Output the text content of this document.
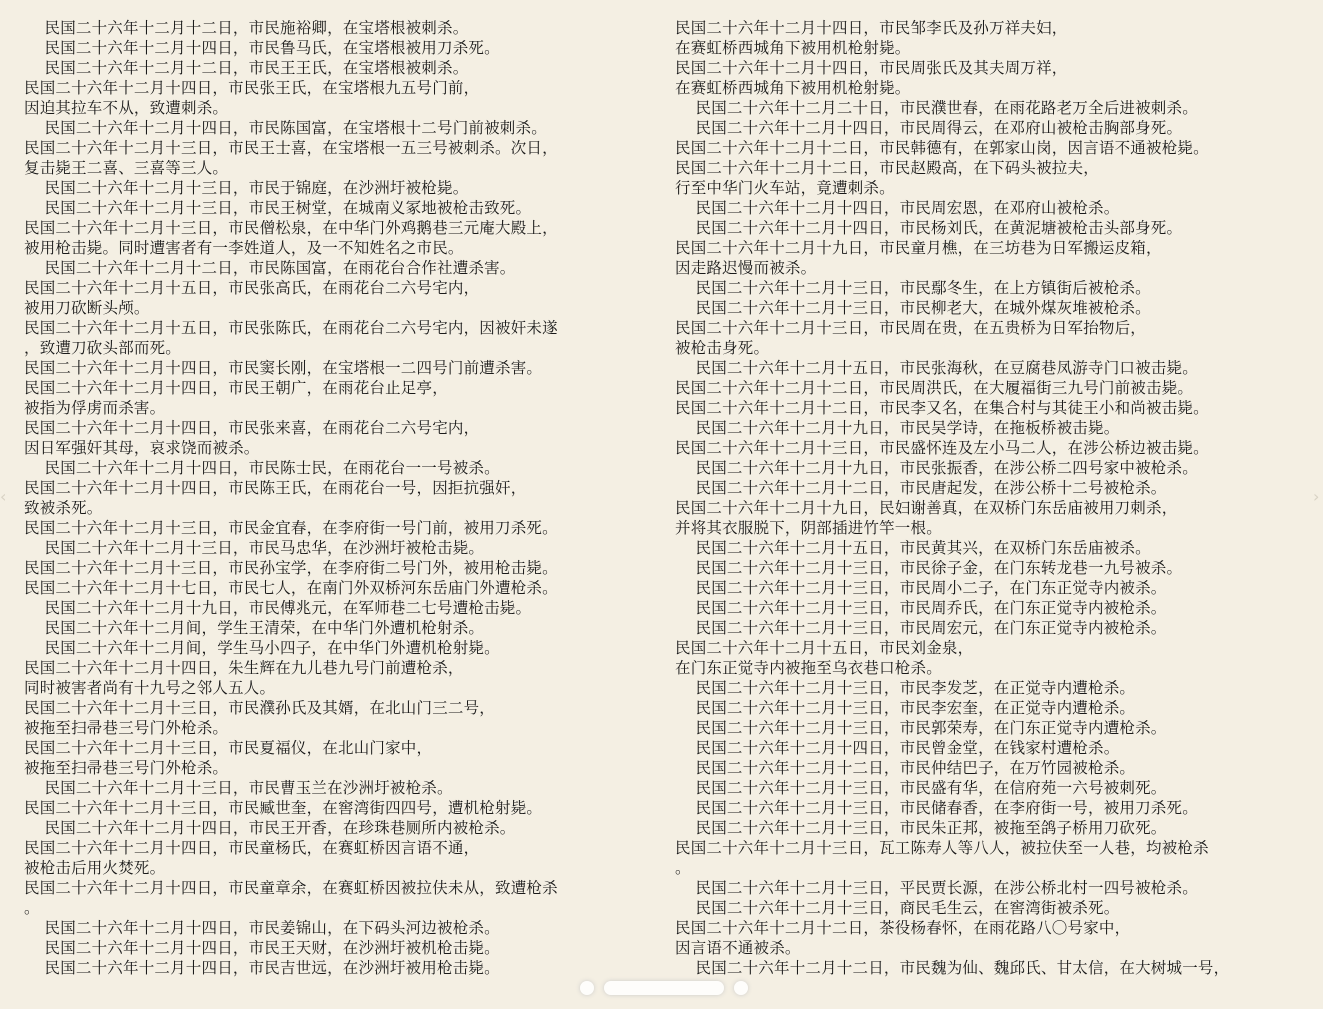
民国二十六年十二月十二日，市民施裕卿，在宝塔根被刺杀。
民国二十六年十二月十四日，市民鲁马氏，在宝塔根被用刀杀死。
民国二十六年十二月十二日，市民王王氏，在宝塔根被刺杀。
民国二十六年十二月十四日，市民张王氏，在宝塔根九五号门前，
因迫其拉车不从，致遭刺杀。
民国二十六年十二月十四日，市民陈国富，在宝塔根十二号门前被刺杀。
民国二十六年十二月十三日，市民王士喜，在宝塔根一五三号被刺杀。次日，
复击毙王二喜、三喜等三人。
民国二十六年十二月十三日，市民于锦庭，在沙洲圩被枪毙。
民国二十六年十二月十三日，市民王树堂，在城南义冢地被枪击致死。
民国二十六年十二月十三日，市民僧松泉，在中华门外鸡鹅巷三元庵大殿上，
被用枪击毙。同时遭害者有一李姓道人，及一不知姓名之市民。
民国二十六年十二月十二日，市民陈国富，在雨花台合作社遭杀害。
民国二十六年十二月十五日，市民张高氏，在雨花台二六号宅内，
被用刀砍断头颅。
民国二十六年十二月十五日，市民张陈氏，在雨花台二六号宅内，因被奸未遂
，致遭刀砍头部而死。
民国二十六年十二月十四日，市民窦长刚，在宝塔根一二四号门前遭杀害。
民国二十六年十二月十四日，市民王朝广，在雨花台止足亭，
被指为俘虏而杀害。
民国二十六年十二月十四日，市民张来喜，在雨花台二六号宅内，
因日军强奸其母，哀求饶而被杀。
民国二十六年十二月十四日，市民陈士民，在雨花台一一号被杀。
民国二十六年十二月十四日，市民陈王氏，在雨花台一号，因拒抗强奸，
致被杀死。
民国二十六年十二月十三日，市民金宜春，在李府街一号门前，被用刀杀死。
民国二十六年十二月十三日，市民马忠华，在沙洲圩被枪击毙。
民国二十六年十二月十三日，市民孙宝学，在李府街二号门外，被用枪击毙。
民国二十六年十二月十七日，市民七人，在南门外双桥河东岳庙门外遭枪杀。
民国二十六年十二月十九日，市民傅兆元，在军师巷二七号遭枪击毙。
民国二十六年十二月间，学生王清荣，在中华门外遭机枪射杀。
民国二十六年十二月间，学生马小四子，在中华门外遭机枪射毙。
民国二十六年十二月十四日，朱生辉在九儿巷九号门前遭枪杀，
同时被害者尚有十九号之邻人五人。
民国二十六年十二月十三日，市民濮孙氏及其婿，在北山门三二号，
被拖至扫帚巷三号门外枪杀。
民国二十六年十二月十三日，市民夏福仪，在北山门家中，
被拖至扫帚巷三号门外枪杀。
民国二十六年十二月十三日，市民曹玉兰在沙洲圩被枪杀。
民国二十六年十二月十三日，市民臧世奎，在窖湾街四四号，遭机枪射毙。
民国二十六年十二月十四日，市民王开香，在珍珠巷厕所内被枪杀。
民国二十六年十二月十四日，市民童杨氏，在赛虹桥因言语不通，
被枪击后用火焚死。
民国二十六年十二月十四日，市民童章余，在赛虹桥因被拉伕未从，致遭枪杀
。
民国二十六年十二月十四日，市民姜锦山，在下码头河边被枪杀。
民国二十六年十二月十四日，市民王天财，在沙洲圩被机枪击毙。
民国二十六年十二月十四日，市民吉世远，在沙洲圩被用枪击毙。
民国二十六年十二月十四日，市民邹李氏及孙万祥夫妇，
在赛虹桥西城角下被用机枪射毙。
民国二十六年十二月十四日，市民周张氏及其夫周万祥，
在赛虹桥西城角下被用机枪射毙。
民国二十六年十二月二十日，市民濮世春，在雨花路老万全后进被刺杀。
民国二十六年十二月十四日，市民周得云，在邓府山被枪击胸部身死。
民国二十六年十二月十二日，市民韩德有，在郭家山岗，因言语不通被枪毙。
民国二十六年十二月十二日，市民赵殿高，在下码头被拉夫，
行至中华门火车站，竟遭刺杀。
民国二十六年十二月十四日，市民周宏恩，在邓府山被枪杀。
民国二十六年十二月十四日，市民杨刘氏，在黄泥塘被枪击头部身死。
民国二十六年十二月十九日，市民童月樵，在三坊巷为日军搬运皮箱，
因走路迟慢而被杀。
民国二十六年十二月十三日，市民鄢冬生，在上方镇街后被枪杀。
民国二十六年十二月十三日，市民柳老大，在城外煤灰堆被枪杀。
民国二十六年十二月十三日，市民周在贵，在五贵桥为日军抬物后，
被枪击身死。
民国二十六年十二月十五日，市民张海秋，在豆腐巷凤游寺门口被击毙。
民国二十六年十二月十二日，市民周洪氏，在大履福街三九号门前被击毙。
民国二十六年十二月十二日，市民李又名，在集合村与其徒王小和尚被击毙。
民国二十六年十二月十九日，市民吴学诗，在拖板桥被击毙。
民国二十六年十二月十三日，市民盛怀连及左小马二人，在涉公桥边被击毙。
民国二十六年十二月十九日，市民张振香，在涉公桥二四号家中被枪杀。
民国二十六年十二月十二日，市民唐起发，在涉公桥十二号被枪杀。
民国二十六年十二月十九日，民妇谢善真，在双桥门东岳庙被用刀刺杀，
并将其衣服脱下，阴部插进竹竿一根。
民国二十六年十二月十五日，市民黄其兴，在双桥门东岳庙被杀。
民国二十六年十二月十三日，市民徐子金，在门东转龙巷一九号被杀。
民国二十六年十二月十三日，市民周小二子，在门东正觉寺内被杀。
民国二十六年十二月十三日，市民周乔氏，在门东正觉寺内被枪杀。
民国二十六年十二月十三日，市民周宏元，在门东正觉寺内被枪杀。
民国二十六年十二月十五日，市民刘金泉，
在门东正觉寺内被拖至乌衣巷口枪杀。
民国二十六年十二月十三日，市民李发芝，在正觉寺内遭枪杀。
民国二十六年十二月十三日，市民李宏奎，在正觉寺内遭枪杀。
民国二十六年十二月十三日，市民郭荣寿，在门东正觉寺内遭枪杀。
民国二十六年十二月十四日，市民曾金堂，在钱家村遭枪杀。
民国二十六年十二月十二日，市民仲结巴子，在万竹园被枪杀。
民国二十六年十二月十三日，市民盛有华，在信府苑一六号被刺死。
民国二十六年十二月十三日，市民储春香，在李府街一号，被用刀杀死。
民国二十六年十二月十三日，市民朱正邦，被拖至鸽子桥用刀砍死。
民国二十六年十二月十三日，瓦工陈寿人等八人，被拉伕至一人巷，均被枪杀
。
民国二十六年十二月十三日，平民贾长源，在涉公桥北村一四号被枪杀。
民国二十六年十二月十三日，商民毛生云，在窖湾街被杀死。
民国二十六年十二月十二日，茶役杨春怀，在雨花路八〇号家中，
因言语不通被杀。
民国二十六年十二月十二日，市民魏为仙、魏邱氏、甘太信，在大树城一号，
‹	›
